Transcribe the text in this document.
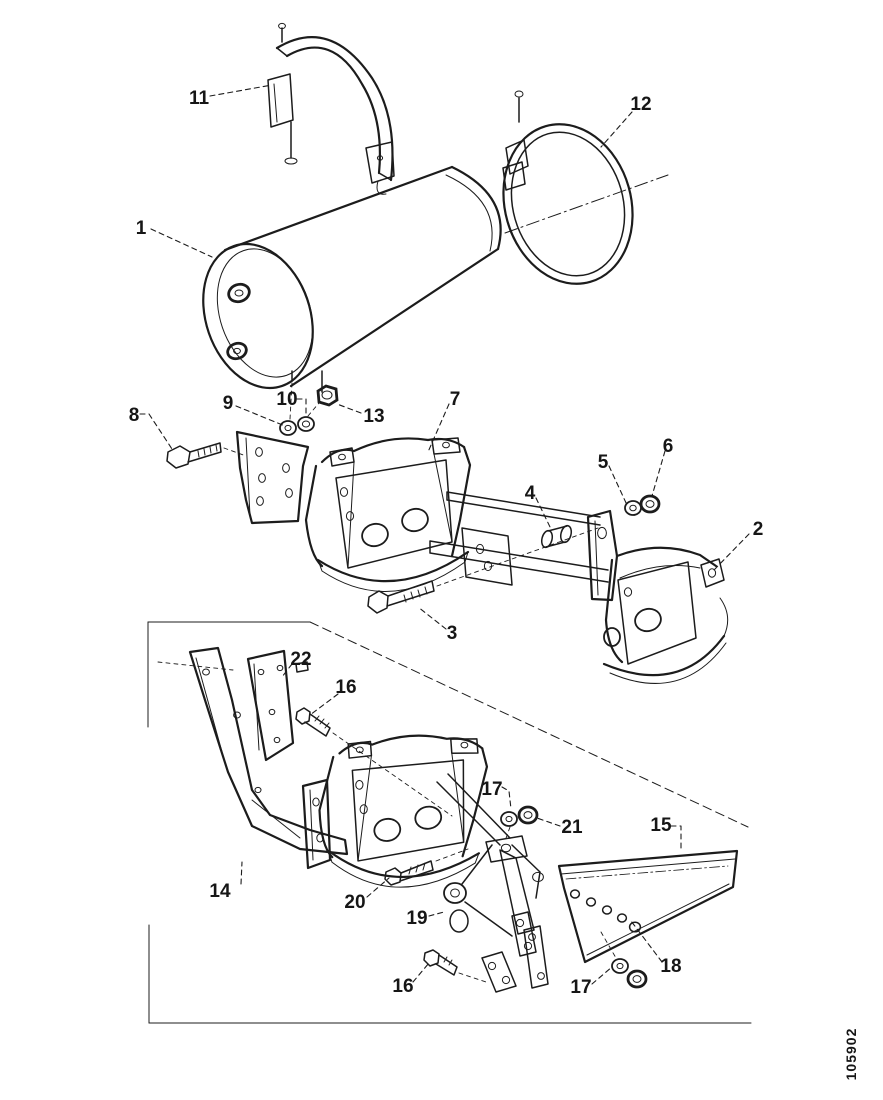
1
2
3
4
5
6
7
8
9 10
11	12
13
14
15
16
16
17
17
18
19
20
21
22
105902
